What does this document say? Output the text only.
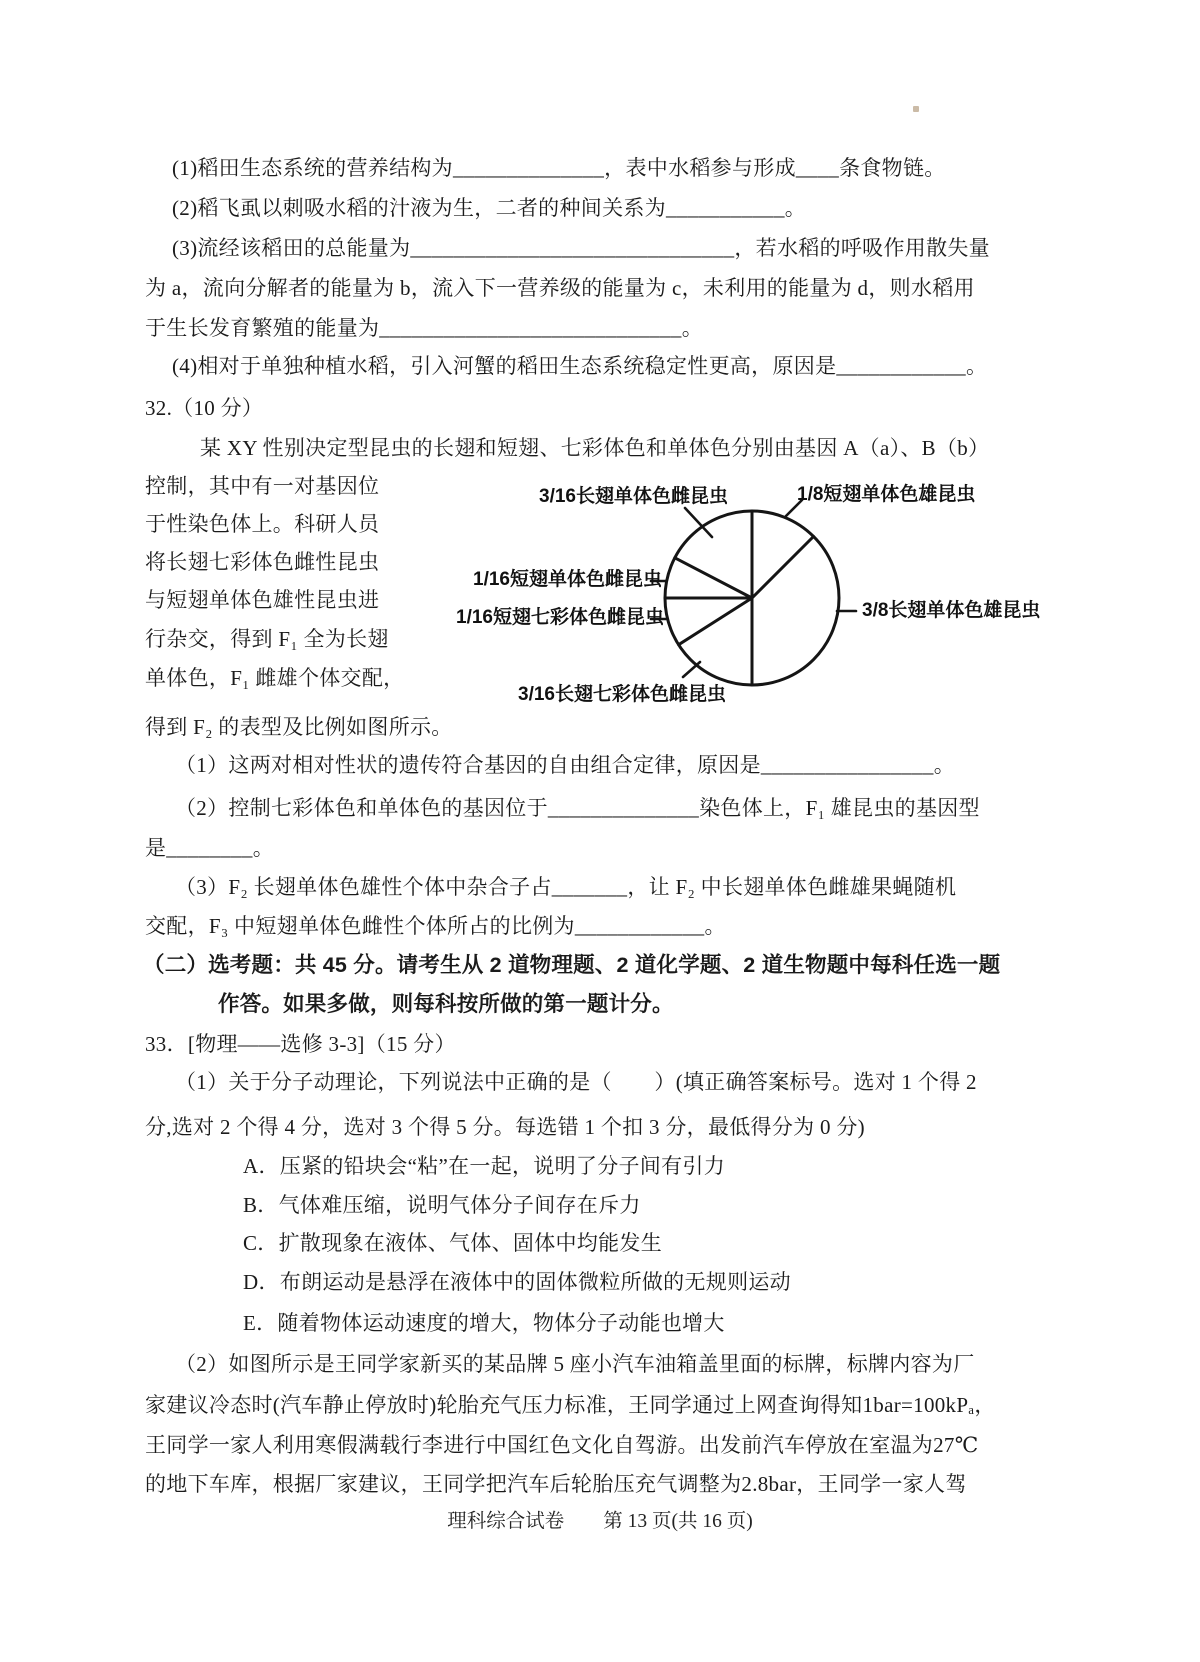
(1)稻田生态系统的营养结构为______________，表中水稻参与形成____条食物链。
(2)稻飞虱以刺吸水稻的汁液为生，二者的种间关系为___________。
(3)流经该稻田的总能量为______________________________，若水稻的呼吸作用散失量
为 a，流向分解者的能量为 b，流入下一营养级的能量为 c，未利用的能量为 d，则水稻用
于生长发育繁殖的能量为____________________________。
(4)相对于单独种植水稻，引入河蟹的稻田生态系统稳定性更高，原因是____________。
32.（10 分）
某 XY 性别决定型昆虫的长翅和短翅、七彩体色和单体色分别由基因 A（a）、B（b）
控制，其中有一对基因位
于性染色体上。科研人员
将长翅七彩体色雌性昆虫
与短翅单体色雄性昆虫进
行杂交，得到 F₁ 全为长翅
单体色，F₁ 雌雄个体交配，
得到 F₂ 的表型及比例如图所示。
3/16长翅单体色雌昆虫	1/8短翅单体色雄昆虫
3/8长翅单体色雄昆虫
3/16长翅七彩体色雌昆虫
1/16短翅七彩体色雌昆虫
1/16短翅单体色雌昆虫
（1）这两对相对性状的遗传符合基因的自由组合定律，原因是________________。
（2）控制七彩体色和单体色的基因位于______________染色体上，F₁ 雄昆虫的基因型
是________。
（3）F₂ 长翅单体色雄性个体中杂合子占_______，让 F₂ 中长翅单体色雌雄果蝇随机
交配，F₃ 中短翅单体色雌性个体所占的比例为____________。
（二）选考题：共 45 分。请考生从 2 道物理题、2 道化学题、2 道生物题中每科任选一题
作答。如果多做，则每科按所做的第一题计分。
33．[物理——选修 3-3]（15 分）
（1）关于分子动理论，下列说法中正确的是（　　）(填正确答案标号。选对 1 个得 2
分,选对 2 个得 4 分，选对 3 个得 5 分。每选错 1 个扣 3 分，最低得分为 0 分)
A．压紧的铅块会“粘”在一起，说明了分子间有引力
B．气体难压缩，说明气体分子间存在斥力
C．扩散现象在液体、气体、固体中均能发生
D．布朗运动是悬浮在液体中的固体微粒所做的无规则运动
E．随着物体运动速度的增大，物体分子动能也增大
（2）如图所示是王同学家新买的某品牌 5 座小汽车油箱盖里面的标牌，标牌内容为厂
家建议冷态时(汽车静止停放时)轮胎充气压力标准，王同学通过上网查询得知1bar=100kPₐ，
王同学一家人利用寒假满载行李进行中国红色文化自驾游。出发前汽车停放在室温为27℃
的地下车库，根据厂家建议，王同学把汽车后轮胎压充气调整为2.8bar，王同学一家人驾
理科综合试卷　　第 13 页(共 16 页)
